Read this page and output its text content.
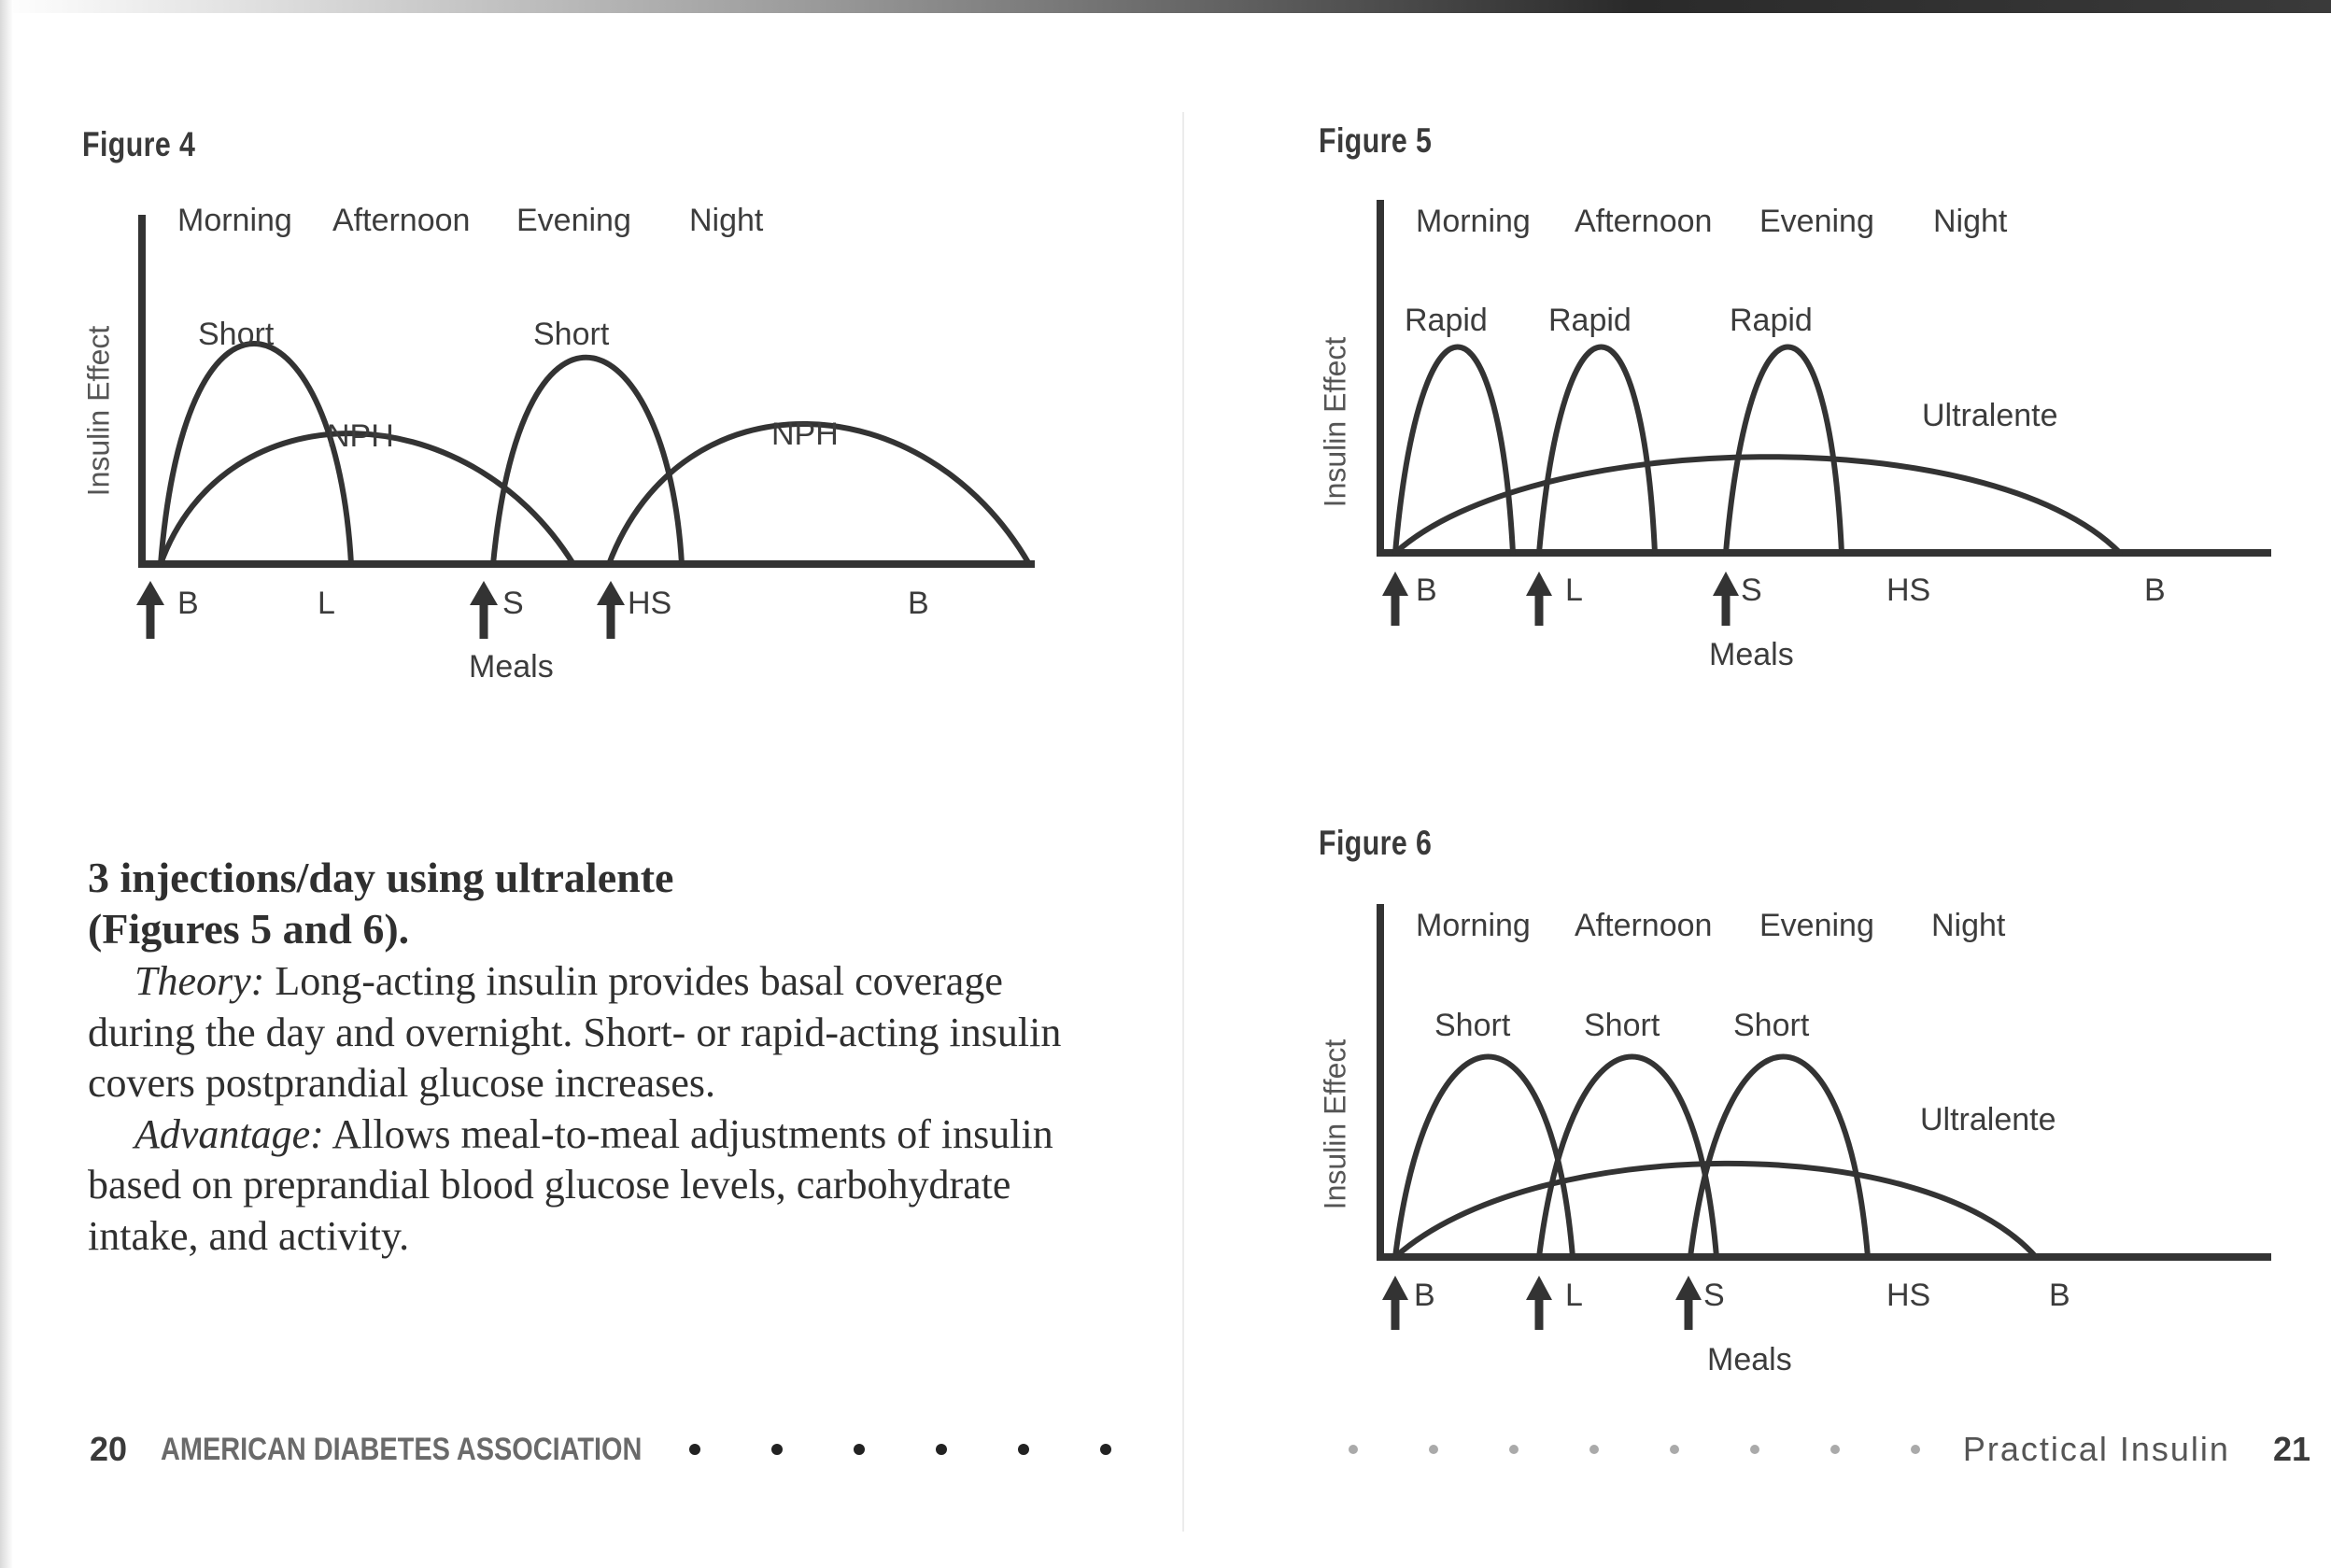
Figure 4
Insulin Effect
Morning Afternoon Evening Night
Short	Short
NPH	NPH
B	L	S	HS	B
Meals
Figure 5
Insulin Effect
Morning Afternoon Evening Night
Rapid Rapid	Rapid
Ultralente
B	L	S	HS	B
Meals
Figure 6
Insulin Effect
Morning Afternoon Evening Night
Short Short Short
Ultralente
B	L	S	HS	B
Meals
3 injections/day using ultralente
(Figures 5 and 6).

Theory: Long-acting insulin provides basal coverage during the day and overnight. Short- or rapid-acting insulin covers postprandial glucose increases.

Advantage: Allows meal-to-meal adjustments of insulin based on preprandial blood glucose levels, carbohydrate intake, and activity.

20 AMERICAN DIABETES ASSOCIATION	Practical Insulin 21
